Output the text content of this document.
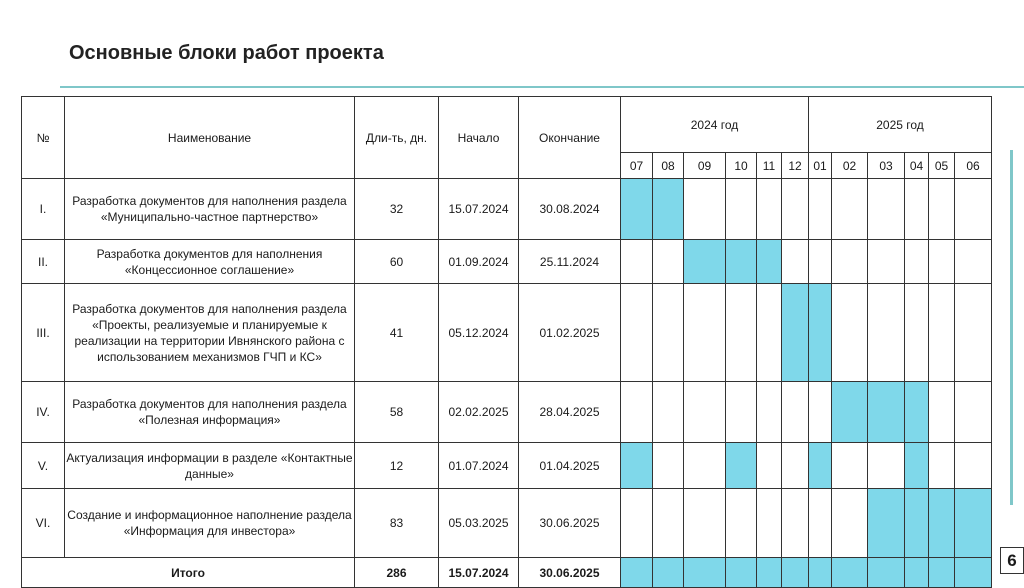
Основные блоки работ проекта
№	Наименование	Дли-ть, дн.	Начало	Окончание	2024 год						2025 год					
					07	08	09	10	11	12	01	02	03	04	05	06
I.	Разработка документов для наполнения раздела «Муниципально-частное партнерство»	32	15.07.2024	30.08.2024												
II.	Разработка документов для наполнения «Концессионное соглашение»	60	01.09.2024	25.11.2024												
III.	Разработка документов для наполнения раздела «Проекты, реализуемые и планируемые к реализации на территории Ивнянского района с использованием механизмов ГЧП и КС»	41	05.12.2024	01.02.2025												
IV.	Разработка документов для наполнения раздела «Полезная информация»	58	02.02.2025	28.04.2025												
V.	Актуализация информации в разделе «Контактные данные»	12	01.07.2024	01.04.2025												
VI.	Создание и информационное наполнение раздела «Информация для инвестора»	83	05.03.2025	30.06.2025												
Итого		286	15.07.2024	30.06.2025												
6
